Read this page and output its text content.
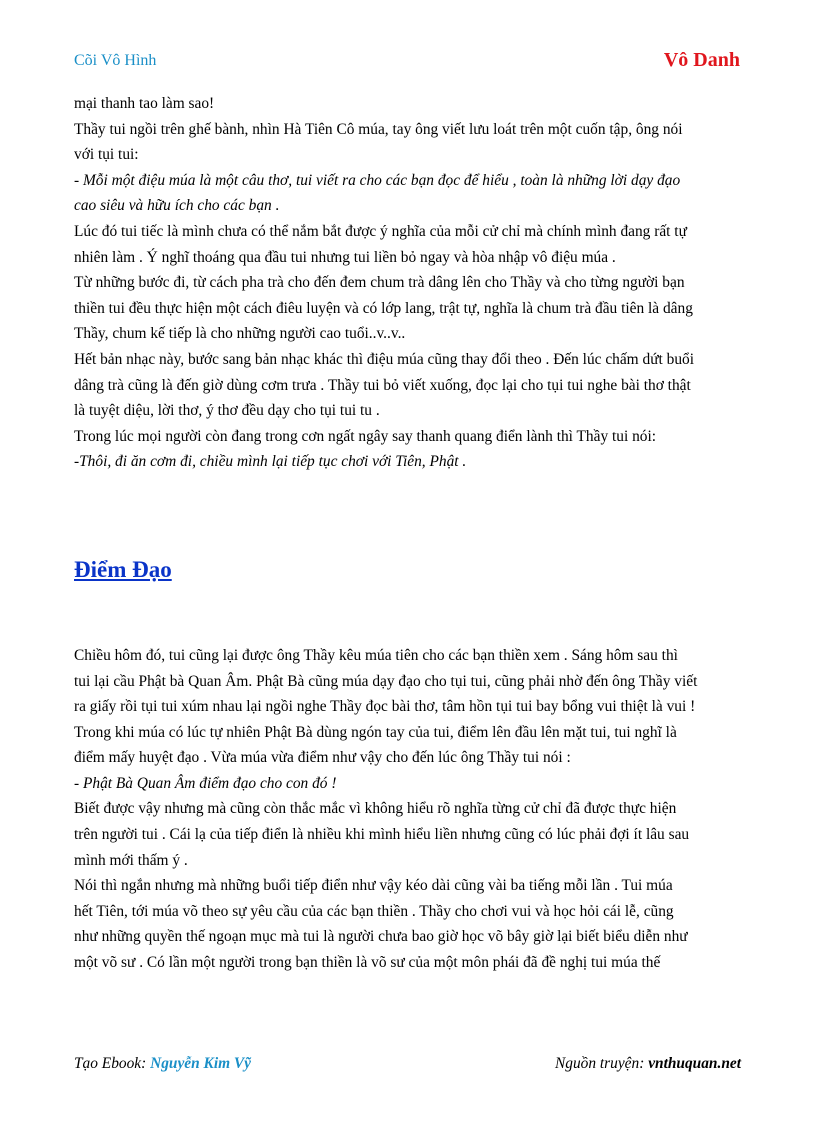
Cõi Vô Hình	Vô Danh

mại thanh tao làm sao!

Thầy tui ngồi trên ghế bành, nhìn Hà Tiên Cô múa, tay ông viết lưu loát trên một cuốn tập, ông nói

với tụi tui:

- Mỗi một điệu múa là một câu thơ, tui viết ra cho các bạn đọc để hiểu , toàn là những lời dạy đạo

cao siêu và hữu ích cho các bạn .

Lúc đó tui tiếc là mình chưa có thể nắm bắt được ý nghĩa của mỗi cử chỉ mà chính mình đang rất tự

nhiên làm . Ý nghĩ thoáng qua đầu tui nhưng tui liền bỏ ngay và hòa nhập vô điệu múa .

Từ những bước đi, từ cách pha trà cho đến đem chum trà dâng lên cho Thầy và cho từng người bạn

thiền tui đều thực hiện một cách điêu luyện và có lớp lang, trật tự, nghĩa là chum trà đầu tiên là dâng

Thầy, chum kế tiếp là cho những người cao tuổi..v..v..

Hết bản nhạc này, bước sang bản nhạc khác thì điệu múa cũng thay đổi theo . Đến lúc chấm dứt buổi

dâng trà cũng là đến giờ dùng cơm trưa . Thầy tui bỏ viết xuống, đọc lại cho tụi tui nghe bài thơ thật

là tuyệt diệu, lời thơ, ý thơ đều dạy cho tụi tui tu .

Trong lúc mọi người còn đang trong cơn ngất ngây say thanh quang điển lành thì Thầy tui nói:

-Thôi, đi ăn cơm đi, chiều mình lại tiếp tục chơi với Tiên, Phật .

Điểm Đạo

Chiều hôm đó, tui cũng lại được ông Thầy kêu múa tiên cho các bạn thiền xem . Sáng hôm sau thì

tui lại cầu Phật bà Quan Âm. Phật Bà cũng múa dạy đạo cho tụi tui, cũng phải nhờ đến ông Thầy viết

ra giấy rồi tụi tui xúm nhau lại ngồi nghe Thầy đọc bài thơ, tâm hồn tụi tui bay bổng vui thiệt là vui !

Trong khi múa có lúc tự nhiên Phật Bà dùng ngón tay của tui, điểm lên đầu lên mặt tui, tui nghĩ là

điểm mấy huyệt đạo . Vừa múa vừa điểm như vậy cho đến lúc ông Thầy tui nói :

- Phật Bà Quan Âm điểm đạo cho con đó !

Biết được vậy nhưng mà cũng còn thắc mắc vì không hiểu rõ nghĩa từng cử chỉ đã được thực hiện

trên người tui . Cái lạ của tiếp điển là nhiều khi mình hiểu liền nhưng cũng có lúc phải đợi ít lâu sau

mình mới thấm ý .

Nói thì ngắn nhưng mà những buổi tiếp điển như vậy kéo dài cũng vài ba tiếng mỗi lần . Tui múa

hết Tiên, tới múa võ theo sự yêu cầu của các bạn thiền . Thầy cho chơi vui và học hỏi cái lễ, cũng

như những quyền thế ngoạn mục mà tui là người chưa bao giờ học võ bây giờ lại biết biểu diễn như

một võ sư . Có lần một người trong bạn thiền là võ sư của một môn phái đã đề nghị tui múa thế

Tạo Ebook: Nguyễn Kim Vỹ	Nguồn truyện: vnthuquan.net
